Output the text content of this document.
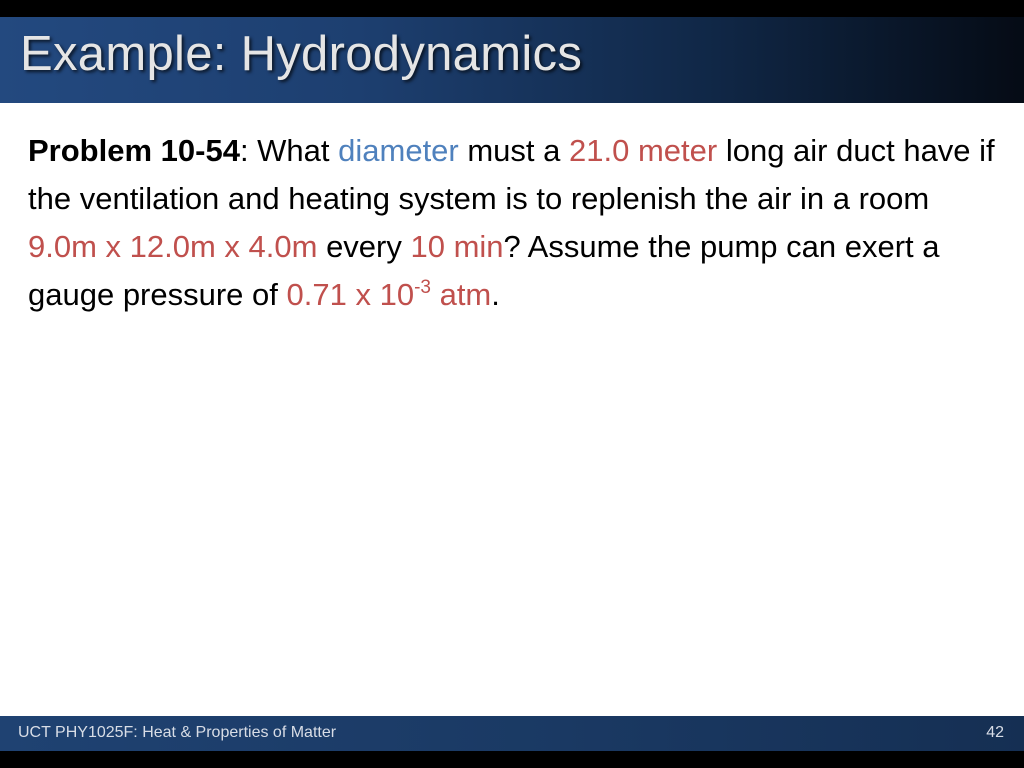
Example: Hydrodynamics

Problem 10-54: What diameter must a 21.0 meter long air duct have if the ventilation and heating system is to replenish the air in a room 9.0m x 12.0m x 4.0m every 10 min? Assume the pump can exert a gauge pressure of 0.71 x $10^{-3}$ atm.

UCT PHY1025F: Heat & Properties of Matter	42
